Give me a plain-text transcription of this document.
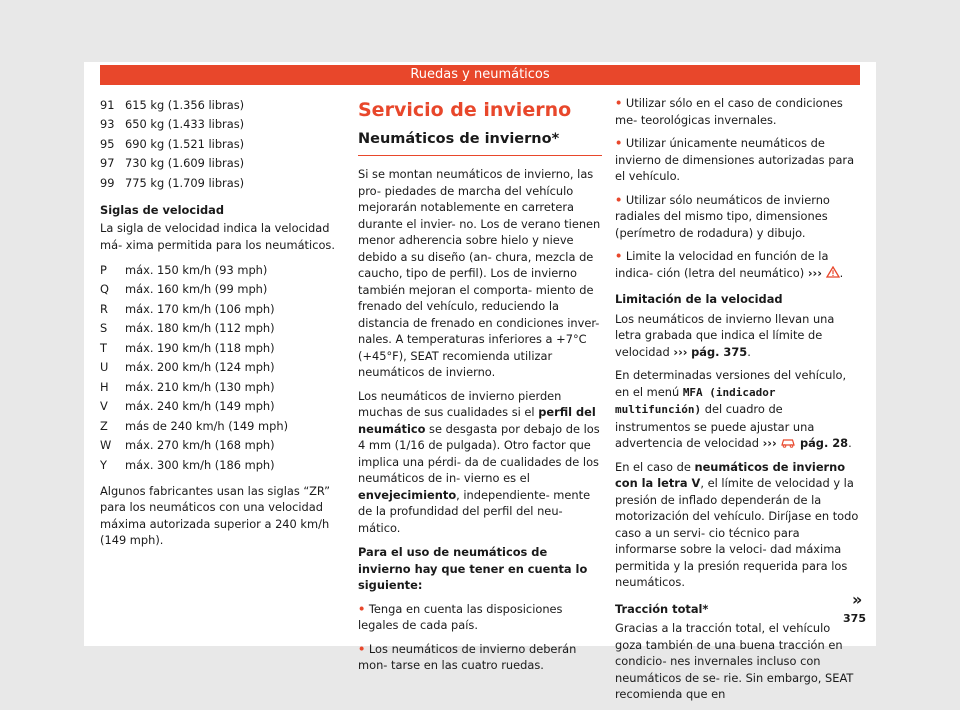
Ruedas y neumáticos
91 615 kg (1.356 libras)
93 650 kg (1.433 libras)
95 690 kg (1.521 libras)
97 730 kg (1.609 libras)
99 775 kg (1.709 libras)

Siglas de velocidad

La sigla de velocidad indica la velocidad má- xima permitida para los neumáticos.

P	máx. 150 km/h (93 mph)
Q	máx. 160 km/h (99 mph)
R	máx. 170 km/h (106 mph)
S	máx. 180 km/h (112 mph)
T	máx. 190 km/h (118 mph)
U	máx. 200 km/h (124 mph)
H	máx. 210 km/h (130 mph)
V	máx. 240 km/h (149 mph)
Z	más de 240 km/h (149 mph)
W	máx. 270 km/h (168 mph)
Y	máx. 300 km/h (186 mph)

Algunos fabricantes usan las siglas “ZR” para los neumáticos con una velocidad máxima autorizada superior a 240 km/h (149 mph).

Servicio de invierno
Neumáticos de invierno*

Si se montan neumáticos de invierno, las pro- piedades de marcha del vehículo mejorarán notablemente en carretera durante el invier- no. Los de verano tienen menor adherencia sobre hielo y nieve debido a su diseño (an- chura, mezcla de caucho, tipo de perfil). Los de invierno también mejoran el comporta- miento de frenado del vehículo, reduciendo la distancia de frenado en condiciones inver- nales. A temperaturas inferiores a +7°C (+45°F), SEAT recomienda utilizar neumáticos de invierno.

Los neumáticos de invierno pierden muchas de sus cualidades si el perfil del neumático se desgasta por debajo de los 4 mm (1/16 de pulgada). Otro factor que implica una pérdi- da de cualidades de los neumáticos de in- vierno es el envejecimiento, independiente- mente de la profundidad del perfil del neu- mático.

Para el uso de neumáticos de invierno hay que tener en cuenta lo siguiente:

• Tenga en cuenta las disposiciones legales de cada país.

• Los neumáticos de invierno deberán mon- tarse en las cuatro ruedas.

• Utilizar sólo en el caso de condiciones me- teorológicas invernales.

• Utilizar únicamente neumáticos de invierno de dimensiones autorizadas para el vehículo.

• Utilizar sólo neumáticos de invierno radiales del mismo tipo, dimensiones (perímetro de rodadura) y dibujo.

• Limite la velocidad en función de la indica- ción (letra del neumático) ››› .

Limitación de la velocidad

Los neumáticos de invierno llevan una letra grabada que indica el límite de velocidad ››› pág. 375.

En determinadas versiones del vehículo, en el menú MFA (indicador multifunción) del cuadro de instrumentos se puede ajustar una advertencia de velocidad ››› pág. 28.

En el caso de neumáticos de invierno con la letra V, el límite de velocidad y la presión de inflado dependerán de la motorización del vehículo. Diríjase en todo caso a un servi- cio técnico para informarse sobre la veloci- dad máxima permitida y la presión requerida para los neumáticos.

Tracción total*

Gracias a la tracción total, el vehículo goza también de una buena tracción en condicio- nes invernales incluso con neumáticos de se- rie. Sin embargo, SEAT recomienda que en

»
375
